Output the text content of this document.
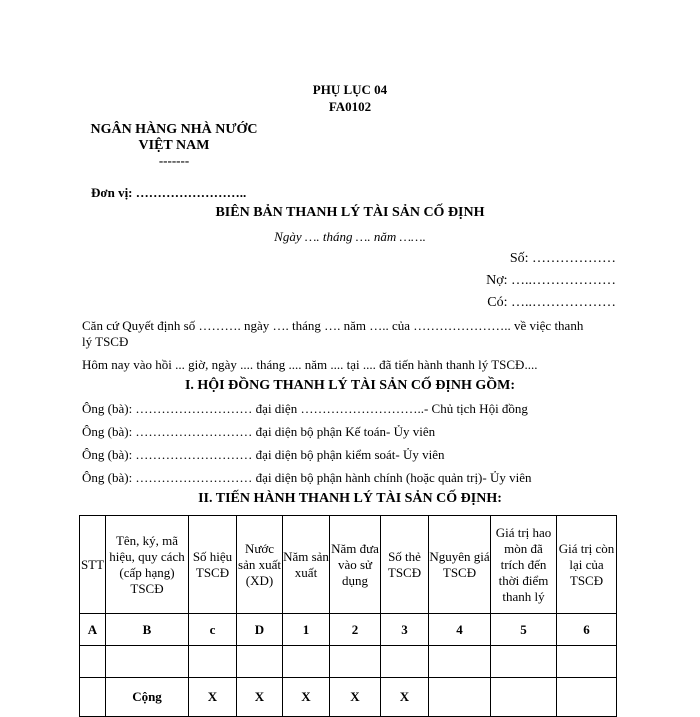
PHỤ LỤC 04
FA0102
NGÂN HÀNG NHÀ NƯỚC
VIỆT NAM
-------
Đơn vị: ……………………..
BIÊN BẢN THANH LÝ TÀI SẢN CỐ ĐỊNH
Ngày …. tháng …. năm …….
Số: ………………
Nợ: …..………………
Có: …..………………
Căn cứ Quyết định số ………. ngày …. tháng …. năm ….. của ………………….. về việc thanh
lý TSCĐ
Hôm nay vào hồi ... giờ, ngày .... tháng .... năm .... tại .... đã tiến hành thanh lý TSCĐ....
I. HỘI ĐỒNG THANH LÝ TÀI SẢN CỐ ĐỊNH GỒM:
Ông (bà): ……………………… đại diện ………………………..- Chủ tịch Hội đồng
Ông (bà): ……………………… đại diện bộ phận Kế toán- Ủy viên
Ông (bà): ……………………… đại diện bộ phận kiểm soát- Ủy viên
Ông (bà): ……………………… đại diện bộ phận hành chính (hoặc quản trị)- Ủy viên
II. TIẾN HÀNH THANH LÝ TÀI SẢN CỐ ĐỊNH:
STT	Tên, ký, mã hiệu, quy cách (cấp hạng) TSCĐ	Số hiệu TSCĐ	Nước sản xuất (XD)	Năm sản xuất	Năm đưa vào sử dụng	Số thẻ TSCĐ	Nguyên giá TSCĐ	Giá trị hao mòn đã trích đến thời điểm thanh lý	Giá trị còn lại của TSCĐ
A	B	c	D	1	2	3	4	5	6

	Cộng	X	X	X	X	X			
